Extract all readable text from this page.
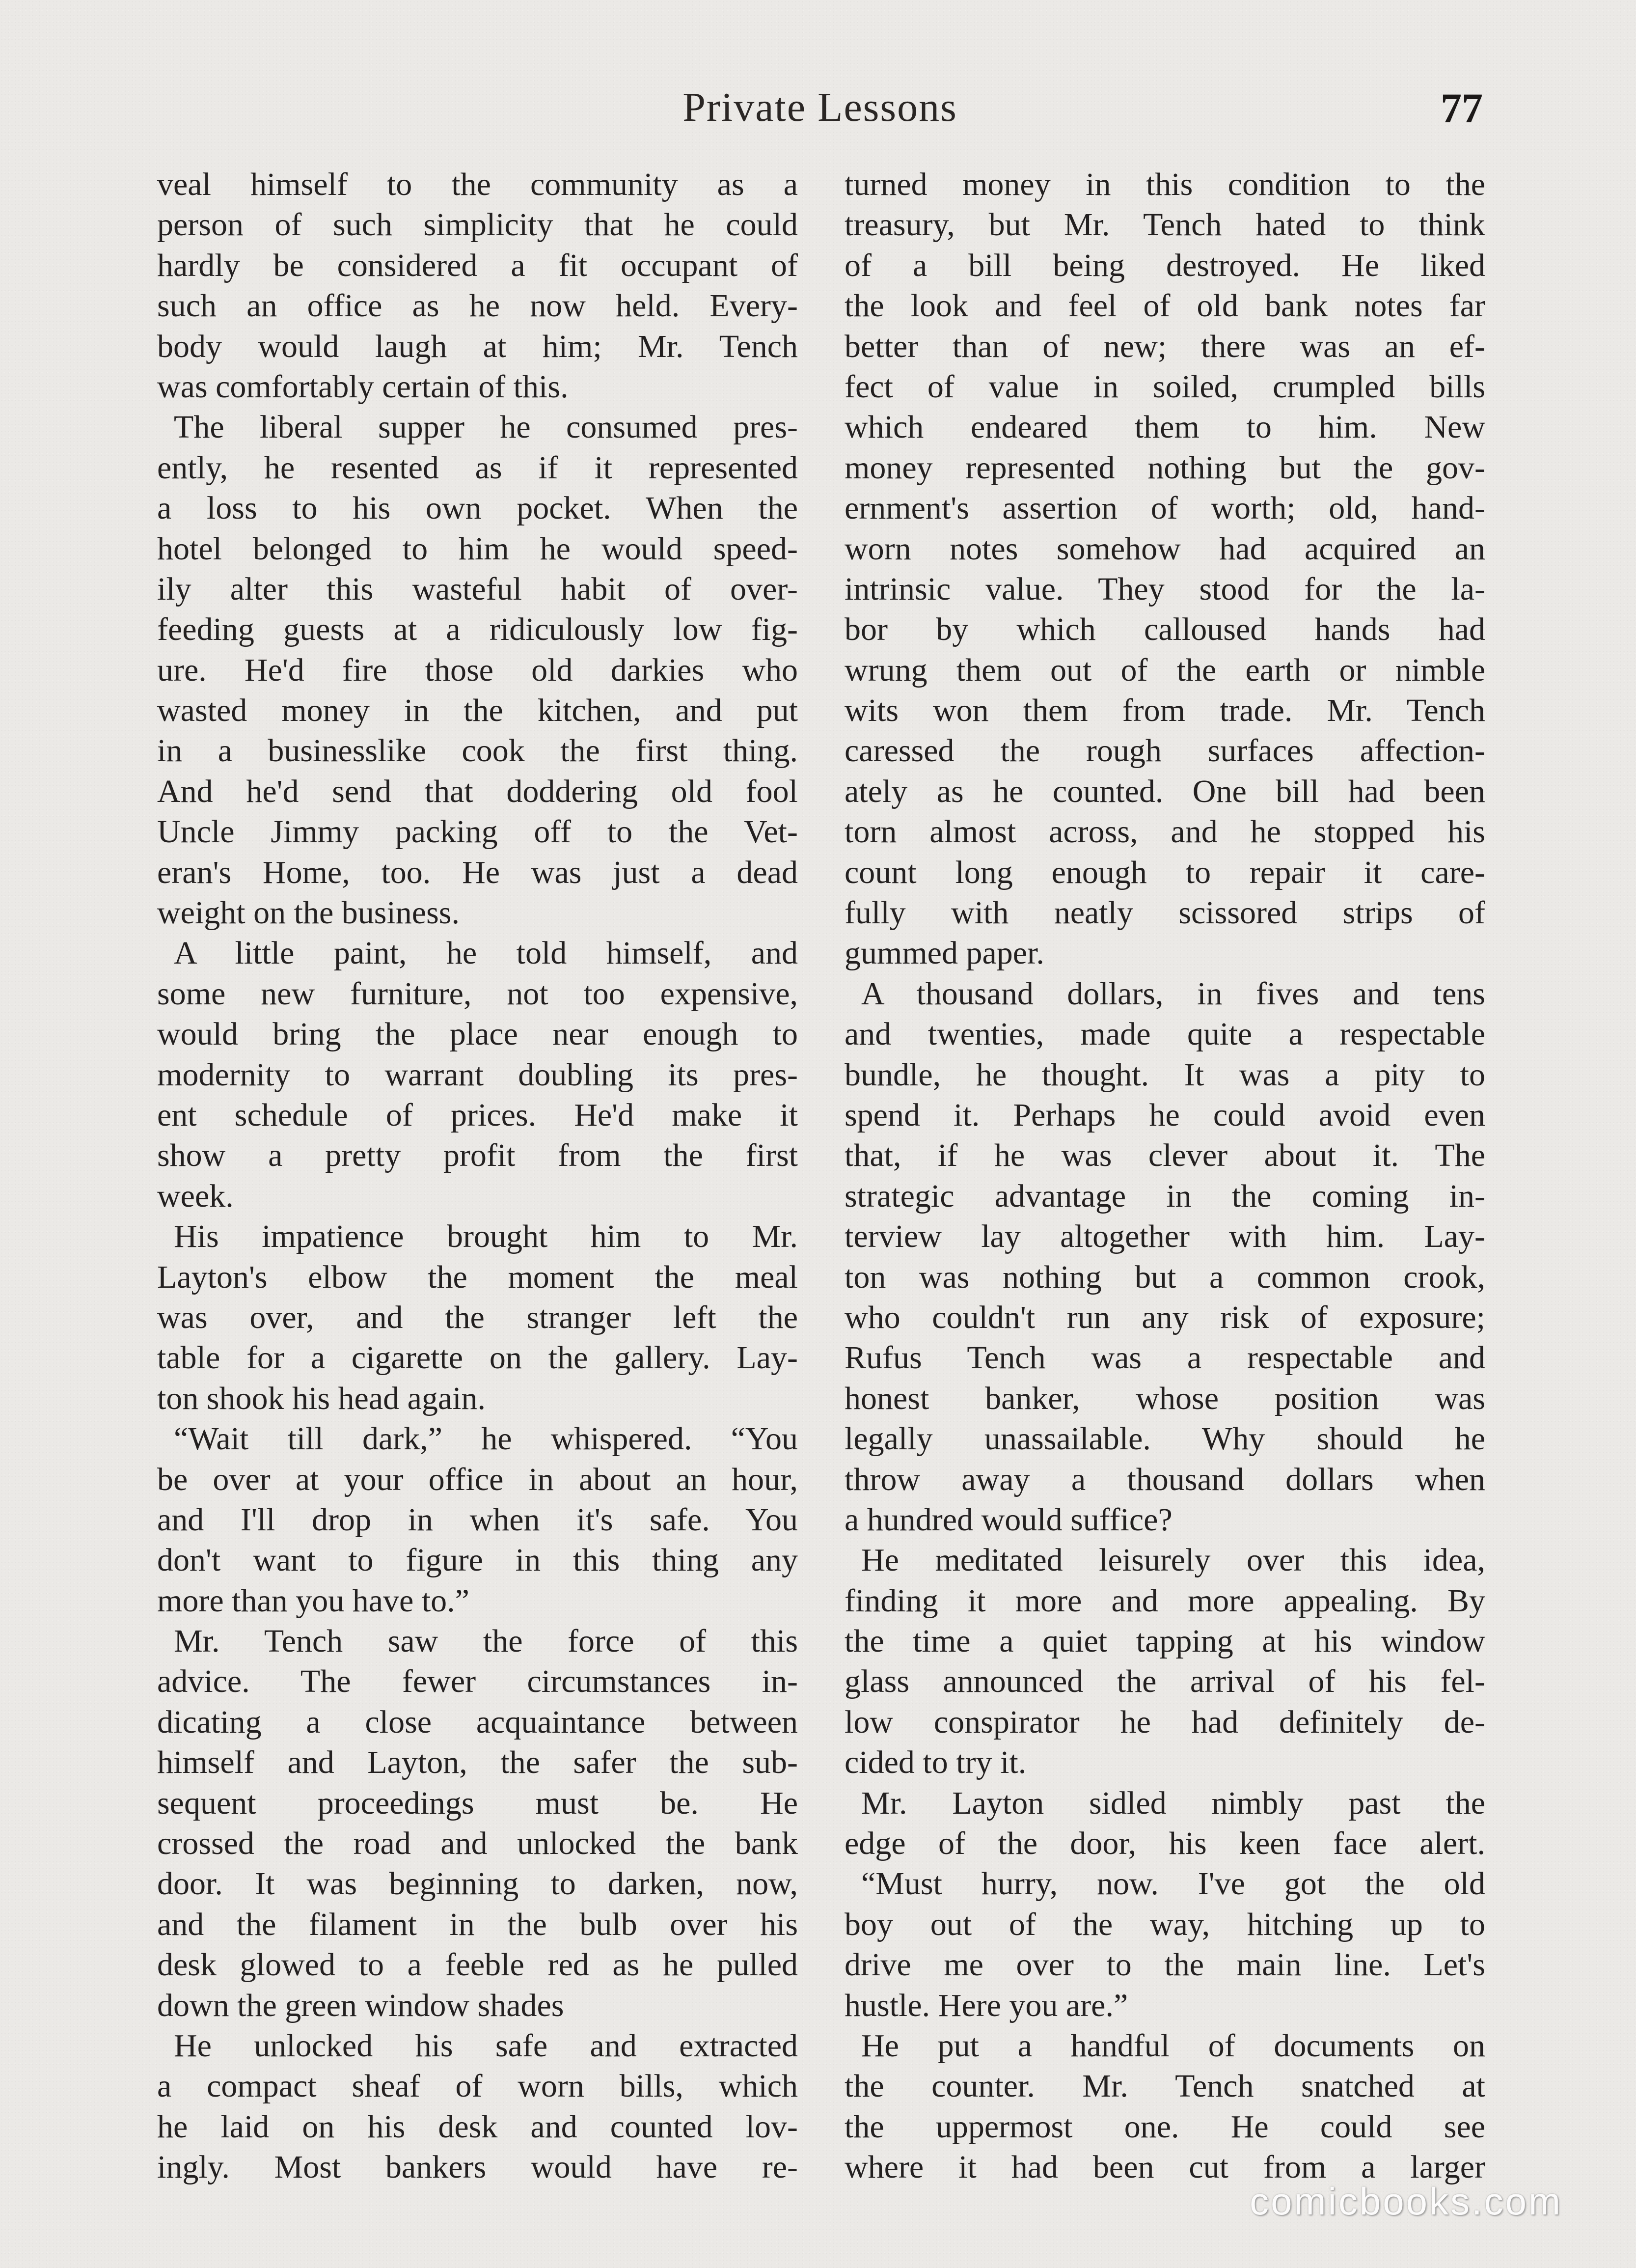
Private Lessons	77
veal himself to the community as a
person of such simplicity that he could
hardly be considered a fit occupant of
such an office as he now held. Every-
body would laugh at him; Mr. Tench
was comfortably certain of this.
The liberal supper he consumed pres-
ently, he resented as if it represented
a loss to his own pocket. When the
hotel belonged to him he would speed-
ily alter this wasteful habit of over-
feeding guests at a ridiculously low fig-
ure. He'd fire those old darkies who
wasted money in the kitchen, and put
in a businesslike cook the first thing.
And he'd send that doddering old fool
Uncle Jimmy packing off to the Vet-
eran's Home, too. He was just a dead
weight on the business.
A little paint, he told himself, and
some new furniture, not too expensive,
would bring the place near enough to
modernity to warrant doubling its pres-
ent schedule of prices. He'd make it
show a pretty profit from the first
week.
His impatience brought him to Mr.
Layton's elbow the moment the meal
was over, and the stranger left the
table for a cigarette on the gallery. Lay-
ton shook his head again.
“Wait till dark,” he whispered. “You
be over at your office in about an hour,
and I'll drop in when it's safe. You
don't want to figure in this thing any
more than you have to.”
Mr. Tench saw the force of this
advice. The fewer circumstances in-
dicating a close acquaintance between
himself and Layton, the safer the sub-
sequent proceedings must be. He
crossed the road and unlocked the bank
door. It was beginning to darken, now,
and the filament in the bulb over his
desk glowed to a feeble red as he pulled
down the green window shades
He unlocked his safe and extracted
a compact sheaf of worn bills, which
he laid on his desk and counted lov-
ingly. Most bankers would have re-
turned money in this condition to the
treasury, but Mr. Tench hated to think
of a bill being destroyed. He liked
the look and feel of old bank notes far
better than of new; there was an ef-
fect of value in soiled, crumpled bills
which endeared them to him. New
money represented nothing but the gov-
ernment's assertion of worth; old, hand-
worn notes somehow had acquired an
intrinsic value. They stood for the la-
bor by which calloused hands had
wrung them out of the earth or nimble
wits won them from trade. Mr. Tench
caressed the rough surfaces affection-
ately as he counted. One bill had been
torn almost across, and he stopped his
count long enough to repair it care-
fully with neatly scissored strips of
gummed paper.
A thousand dollars, in fives and tens
and twenties, made quite a respectable
bundle, he thought. It was a pity to
spend it. Perhaps he could avoid even
that, if he was clever about it. The
strategic advantage in the coming in-
terview lay altogether with him. Lay-
ton was nothing but a common crook,
who couldn't run any risk of exposure;
Rufus Tench was a respectable and
honest banker, whose position was
legally unassailable. Why should he
throw away a thousand dollars when
a hundred would suffice?
He meditated leisurely over this idea,
finding it more and more appealing. By
the time a quiet tapping at his window
glass announced the arrival of his fel-
low conspirator he had definitely de-
cided to try it.
Mr. Layton sidled nimbly past the
edge of the door, his keen face alert.
“Must hurry, now. I've got the old
boy out of the way, hitching up to
drive me over to the main line. Let's
hustle. Here you are.”
He put a handful of documents on
the counter. Mr. Tench snatched at
the uppermost one. He could see
where it had been cut from a larger
comicbooks.com
